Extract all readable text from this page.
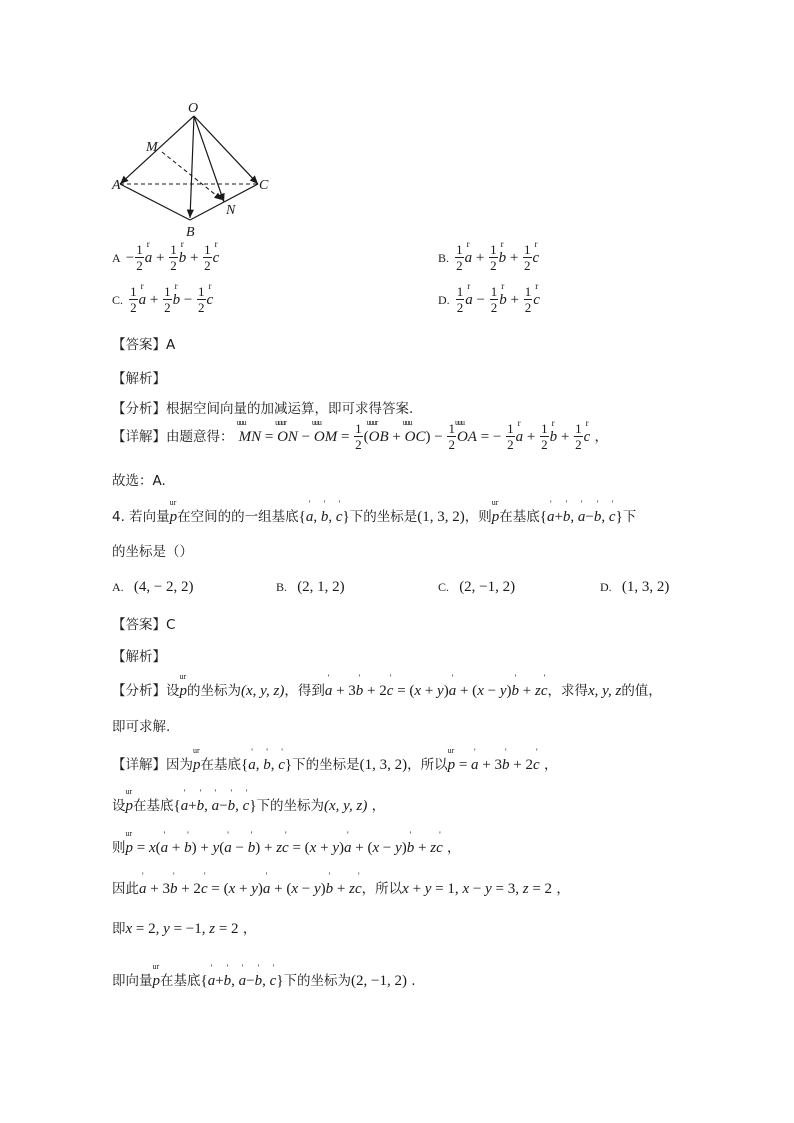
O
M
A	C
N
B
$A - \frac{1}{2}$ r $a + \frac{1}{2}$ r $b + \frac{1}{2}$ r c	B. $\frac{1}{2}$ r $a + \frac{1}{2}$ r $b + \frac{1}{2}$ r c
C. $\frac{1}{2}$ r $a + \frac{1}{2}$ r $b - \frac{1}{2}$ r c	D. $\frac{1}{2}$ r $a - \frac{1}{2}$ r $b + \frac{1}{2}$ r c
【答案】A
【解析】
【分析】根据空间向量的加减运算，即可求得答案.
【详解】由题意得： uuu MN = uuur ON − uuu OM = $\frac{1}{2}$ (uuur OB + uuu $OC) - \frac{1}{2}$ uuu OA = − $\frac{1}{2}$ r $a + \frac{1}{2}$ r $b + \frac{1}{2}$ r c ，
故选：A.
4. 若向量ur p在空间的的一组基底{' a, ' b, ' c}下的坐标是(1, 3, 2)，则ur p在基底{' a+' b, ' a−' b, ' c}下
的坐标是（）
A. (4, − 2, 2)	B. (2, 1, 2)	C. (2, −1, 2)	D. (1, 3, 2)
【答案】C
【解析】
【分析】设ur p的坐标为(x, y, z)，得到' a + 3' b + 2' c = (x + y)' a + (x − y)' b + z' c，求得x, y, z的值，
即可求解.
【详解】因为ur p在基底{' a, ' b, ' c}下的坐标是(1, 3, 2)，所以ur p = ' a + 3' b + 2' c ，
设ur p在基底{' a+' b, ' a−' b, ' c}下的坐标为(x, y, z) ，
则ur p = x(' a + ' b) + y(' a − ' b) + z' c = (x + y)' a + (x − y)' b + z' c ，
因此' a + 3' b + 2' c = (x + y)' a + (x − y)' b + z' c，所以x + y = 1, x − y = 3, z = 2 ，
即x = 2, y = −1, z = 2 ，
即向量ur p在基底{' a+' b, ' a−' b, ' c}下的坐标为(2, −1, 2) .
